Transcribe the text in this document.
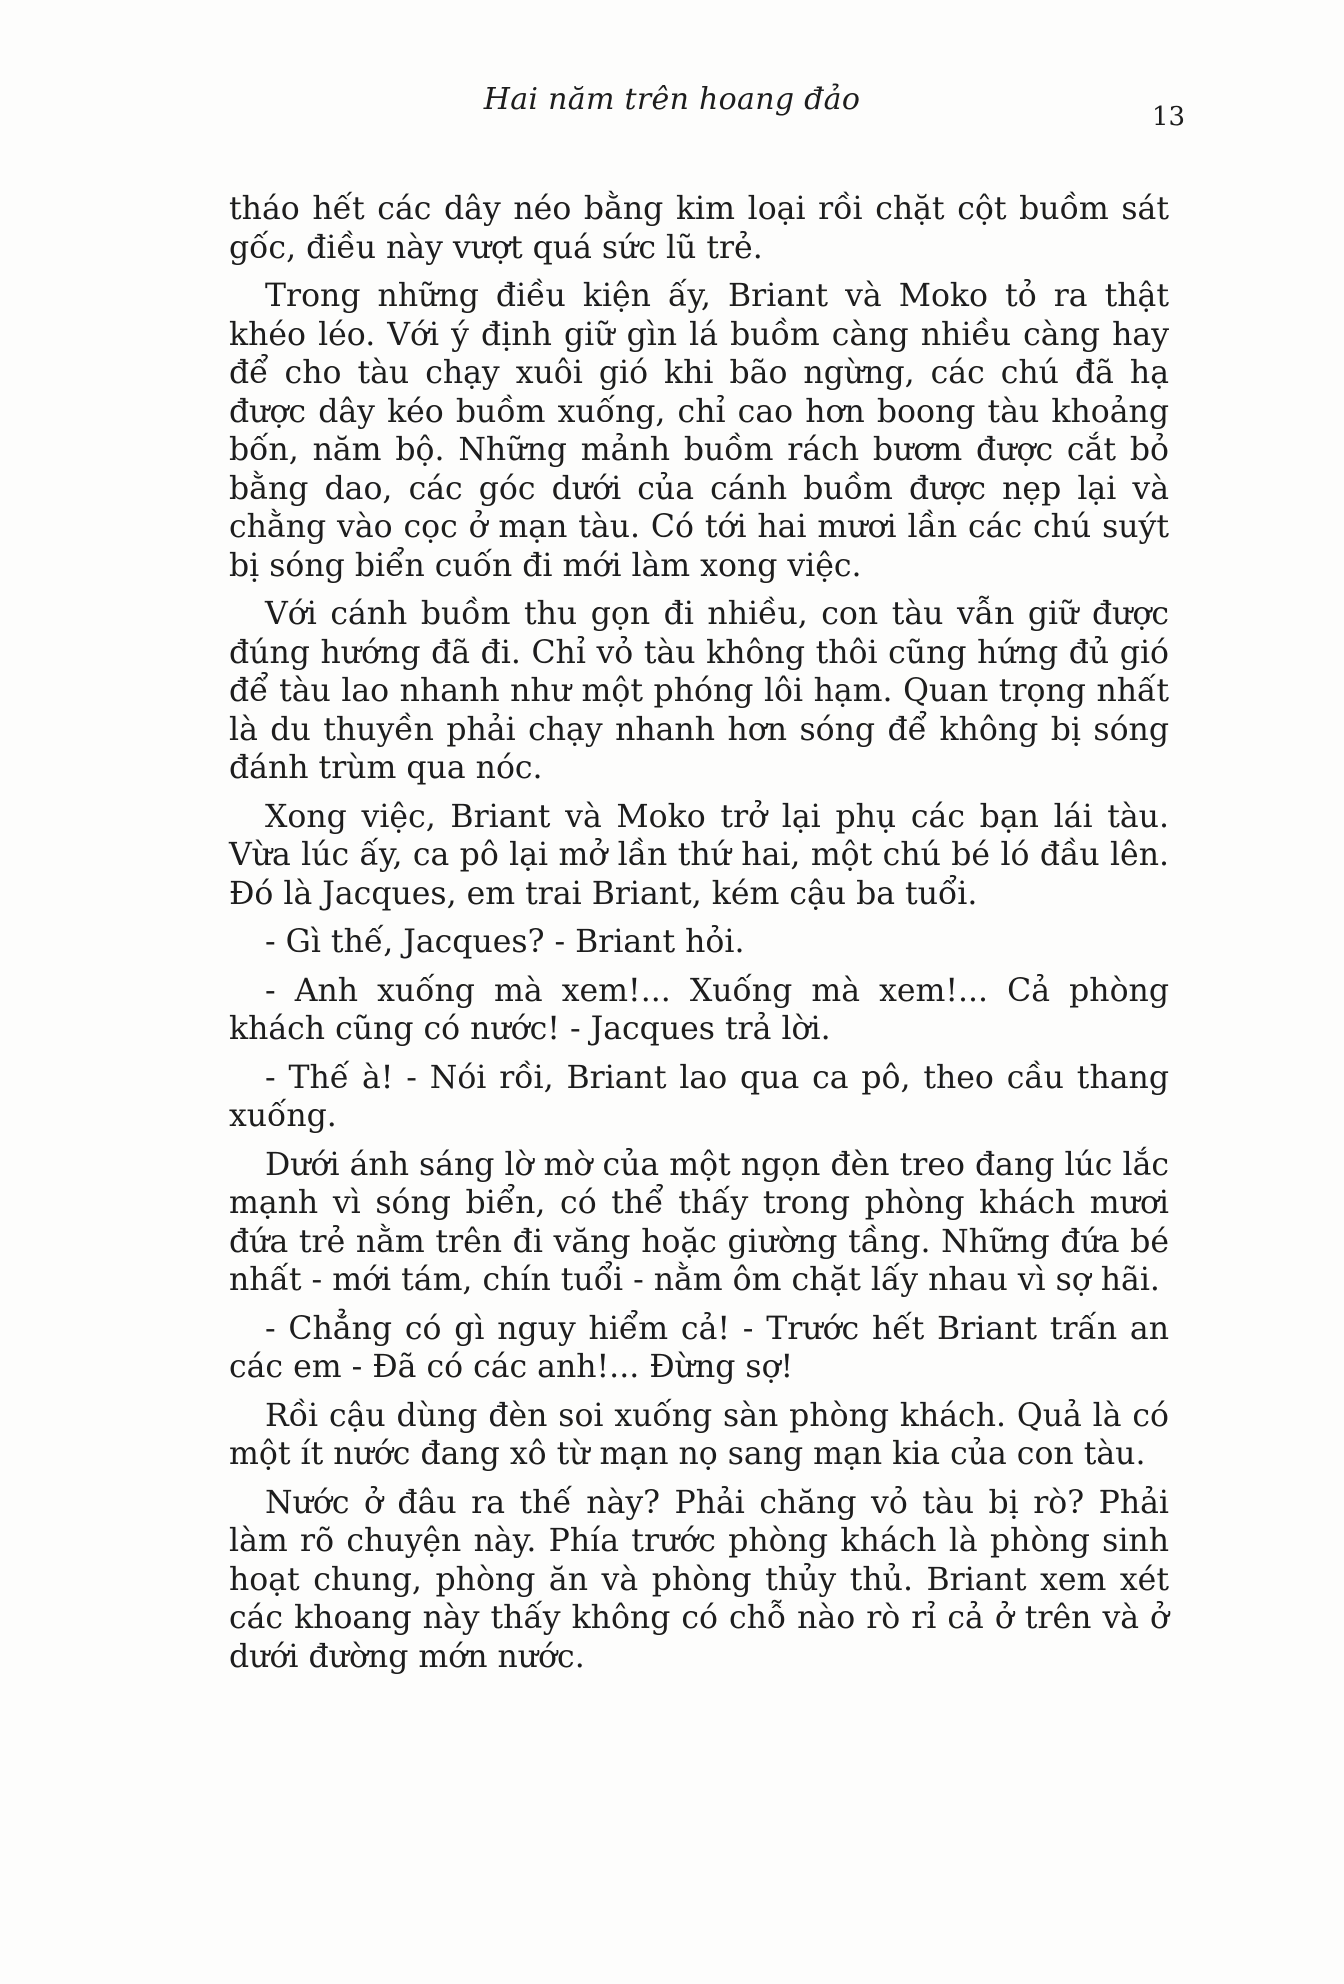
Hai năm trên hoang đảo	13

tháo hết các dây néo bằng kim loại rồi chặt cột buồm sát gốc, điều này vượt quá sức lũ trẻ.

Trong những điều kiện ấy, Briant và Moko tỏ ra thật khéo léo. Với ý định giữ gìn lá buồm càng nhiều càng hay để cho tàu chạy xuôi gió khi bão ngừng, các chú đã hạ được dây kéo buồm xuống, chỉ cao hơn boong tàu khoảng bốn, năm bộ. Những mảnh buồm rách bươm được cắt bỏ bằng dao, các góc dưới của cánh buồm được nẹp lại và chằng vào cọc ở mạn tàu. Có tới hai mươi lần các chú suýt bị sóng biển cuốn đi mới làm xong việc.

Với cánh buồm thu gọn đi nhiều, con tàu vẫn giữ được đúng hướng đã đi. Chỉ vỏ tàu không thôi cũng hứng đủ gió để tàu lao nhanh như một phóng lôi hạm. Quan trọng nhất là du thuyền phải chạy nhanh hơn sóng để không bị sóng đánh trùm qua nóc.

Xong việc, Briant và Moko trở lại phụ các bạn lái tàu. Vừa lúc ấy, ca pô lại mở lần thứ hai, một chú bé ló đầu lên. Đó là Jacques, em trai Briant, kém cậu ba tuổi.

- Gì thế, Jacques? - Briant hỏi.

- Anh xuống mà xem!... Xuống mà xem!... Cả phòng khách cũng có nước! - Jacques trả lời.

- Thế à! - Nói rồi, Briant lao qua ca pô, theo cầu thang xuống.

Dưới ánh sáng lờ mờ của một ngọn đèn treo đang lúc lắc mạnh vì sóng biển, có thể thấy trong phòng khách mươi đứa trẻ nằm trên đi văng hoặc giường tầng. Những đứa bé nhất - mới tám, chín tuổi - nằm ôm chặt lấy nhau vì sợ hãi.

- Chẳng có gì nguy hiểm cả! - Trước hết Briant trấn an các em - Đã có các anh!... Đừng sợ!

Rồi cậu dùng đèn soi xuống sàn phòng khách. Quả là có một ít nước đang xô từ mạn nọ sang mạn kia của con tàu.

Nước ở đâu ra thế này? Phải chăng vỏ tàu bị rò? Phải làm rõ chuyện này. Phía trước phòng khách là phòng sinh hoạt chung, phòng ăn và phòng thủy thủ. Briant xem xét các khoang này thấy không có chỗ nào rò rỉ cả ở trên và ở dưới đường mớn nước.
